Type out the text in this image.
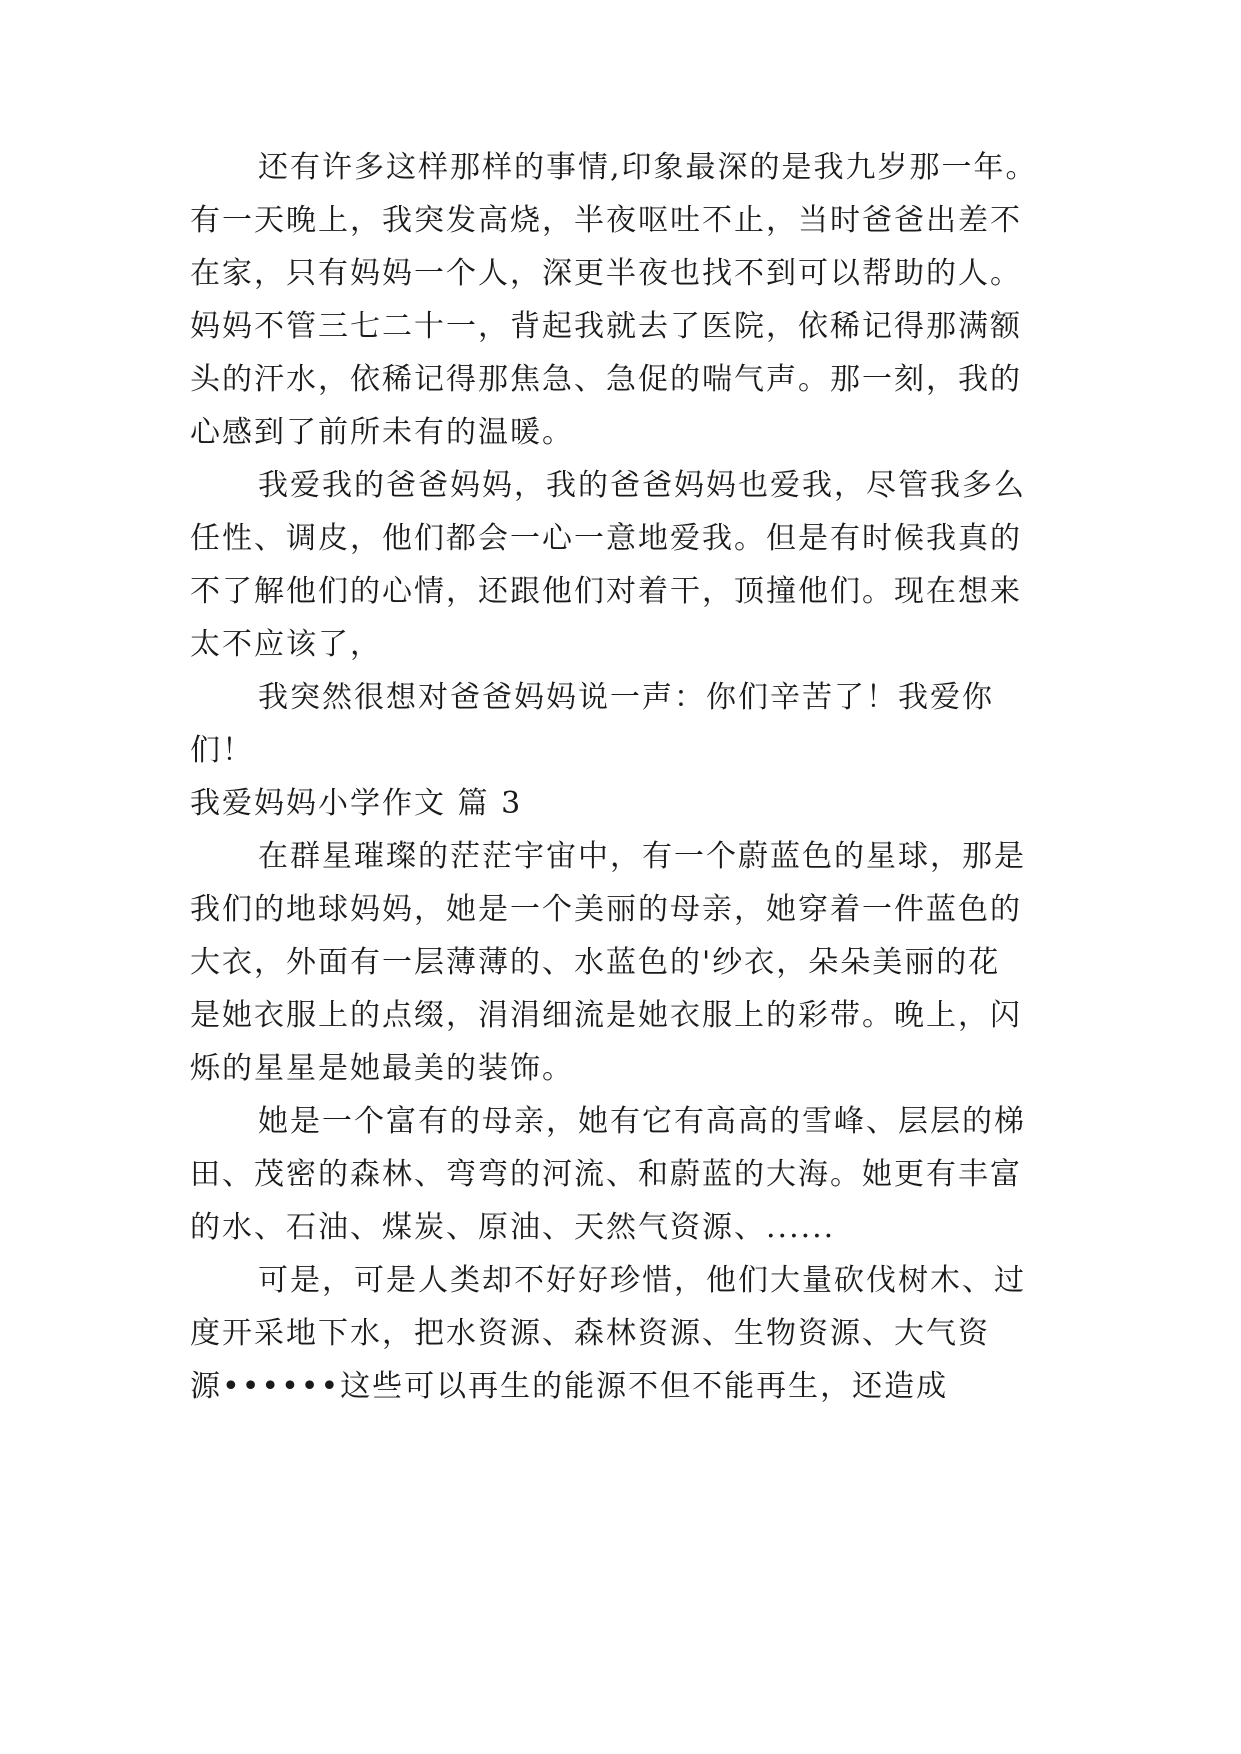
还有许多这样那样的事情,印象最深的是我九岁那一年。
有一天晚上，我突发高烧，半夜呕吐不止，当时爸爸出差不
在家，只有妈妈一个人，深更半夜也找不到可以帮助的人。
妈妈不管三七二十一，背起我就去了医院，依稀记得那满额
头的汗水，依稀记得那焦急、急促的喘气声。那一刻，我的
心感到了前所未有的温暖。
我爱我的爸爸妈妈，我的爸爸妈妈也爱我，尽管我多么
任性、调皮，他们都会一心一意地爱我。但是有时候我真的
不了解他们的心情，还跟他们对着干，顶撞他们。现在想来
太不应该了，
我突然很想对爸爸妈妈说一声：你们辛苦了！我爱你
们！
我爱妈妈小学作文 篇 3
在群星璀璨的茫茫宇宙中，有一个蔚蓝色的星球，那是
我们的地球妈妈，她是一个美丽的母亲，她穿着一件蓝色的
大衣，外面有一层薄薄的、水蓝色的'纱衣，朵朵美丽的花
是她衣服上的点缀，涓涓细流是她衣服上的彩带。晚上，闪
烁的星星是她最美的装饰。
她是一个富有的母亲，她有它有高高的雪峰、层层的梯
田、茂密的森林、弯弯的河流、和蔚蓝的大海。她更有丰富
的水、石油、煤炭、原油、天然气资源、......
可是，可是人类却不好好珍惜，他们大量砍伐树木、过
度开采地下水，把水资源、森林资源、生物资源、大气资
源••••••这些可以再生的能源不但不能再生，还造成
